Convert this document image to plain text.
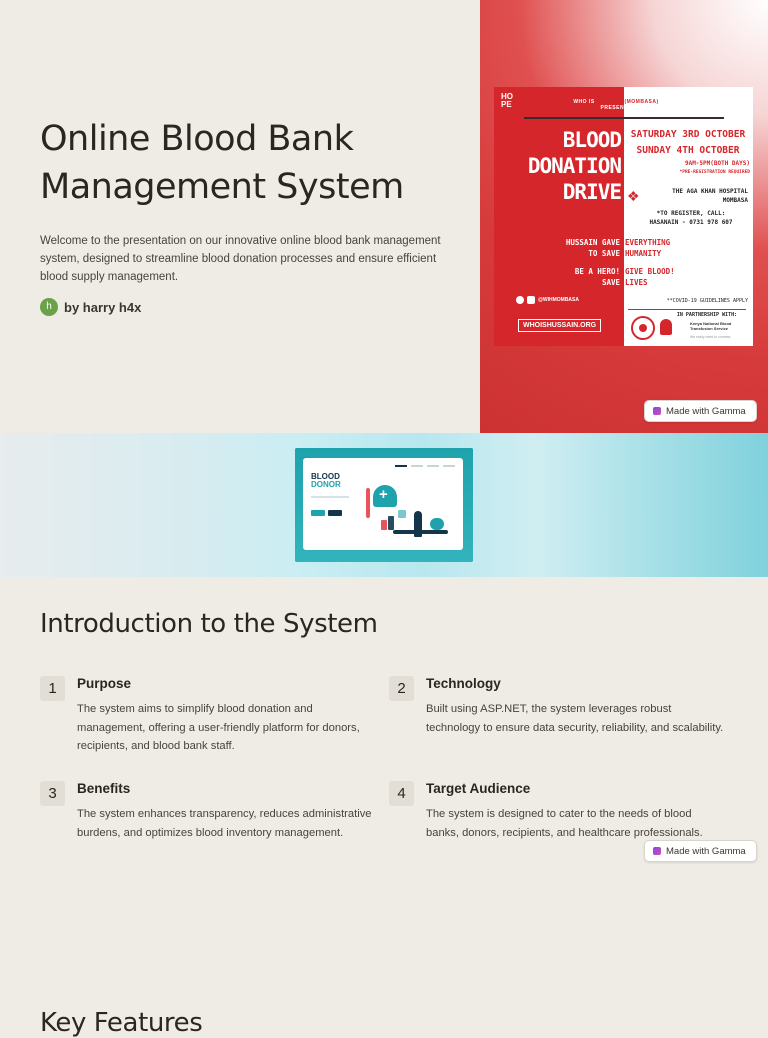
Online Blood Bank Management System

Welcome to the presentation on our innovative online blood bank management system, designed to streamline blood donation processes and ensure efficient blood supply management.

h by harry h4x
HOPE	WHO IS HUSSAIN (MOMBASA)
PRESENTS
BLOOD
DONATION
DRIVE
SATURDAY 3RD OCTOBER
SUNDAY 4TH OCTOBER
9AM-5PM(BOTH DAYS)
*PRE-REGISTRATION REQUIRED
❖	THE AGA KHAN HOSPITAL
MOMBASA
*TO REGISTER, CALL:
HASANAIN - 0731 978 607
HUSSAIN GAVE EVERYTHING
TO SAVE HUMANITY
BE A HERO! GIVE BLOOD!
SAVE LIVES
@WIHMOMBASA
WHOISHUSSAIN.ORG
**COVID-19 GUIDELINES APPLY
IN PARTNERSHIP WITH:
Kenya National Blood Transfusion Service
We really need to connect.
Made with Gamma
BLOOD
DONOR
+
Introduction to the System
1	Purpose

The system aims to simplify blood donation and management, offering a user-friendly platform for donors, recipients, and blood bank staff.

2	Technology

Built using ASP.NET, the system leverages robust technology to ensure data security, reliability, and scalability.

3	Benefits

The system enhances transparency, reduces administrative burdens, and optimizes blood inventory management.

4	Target Audience

The system is designed to cater to the needs of blood banks, donors, recipients, and healthcare professionals.

Made with Gamma
Key Features
